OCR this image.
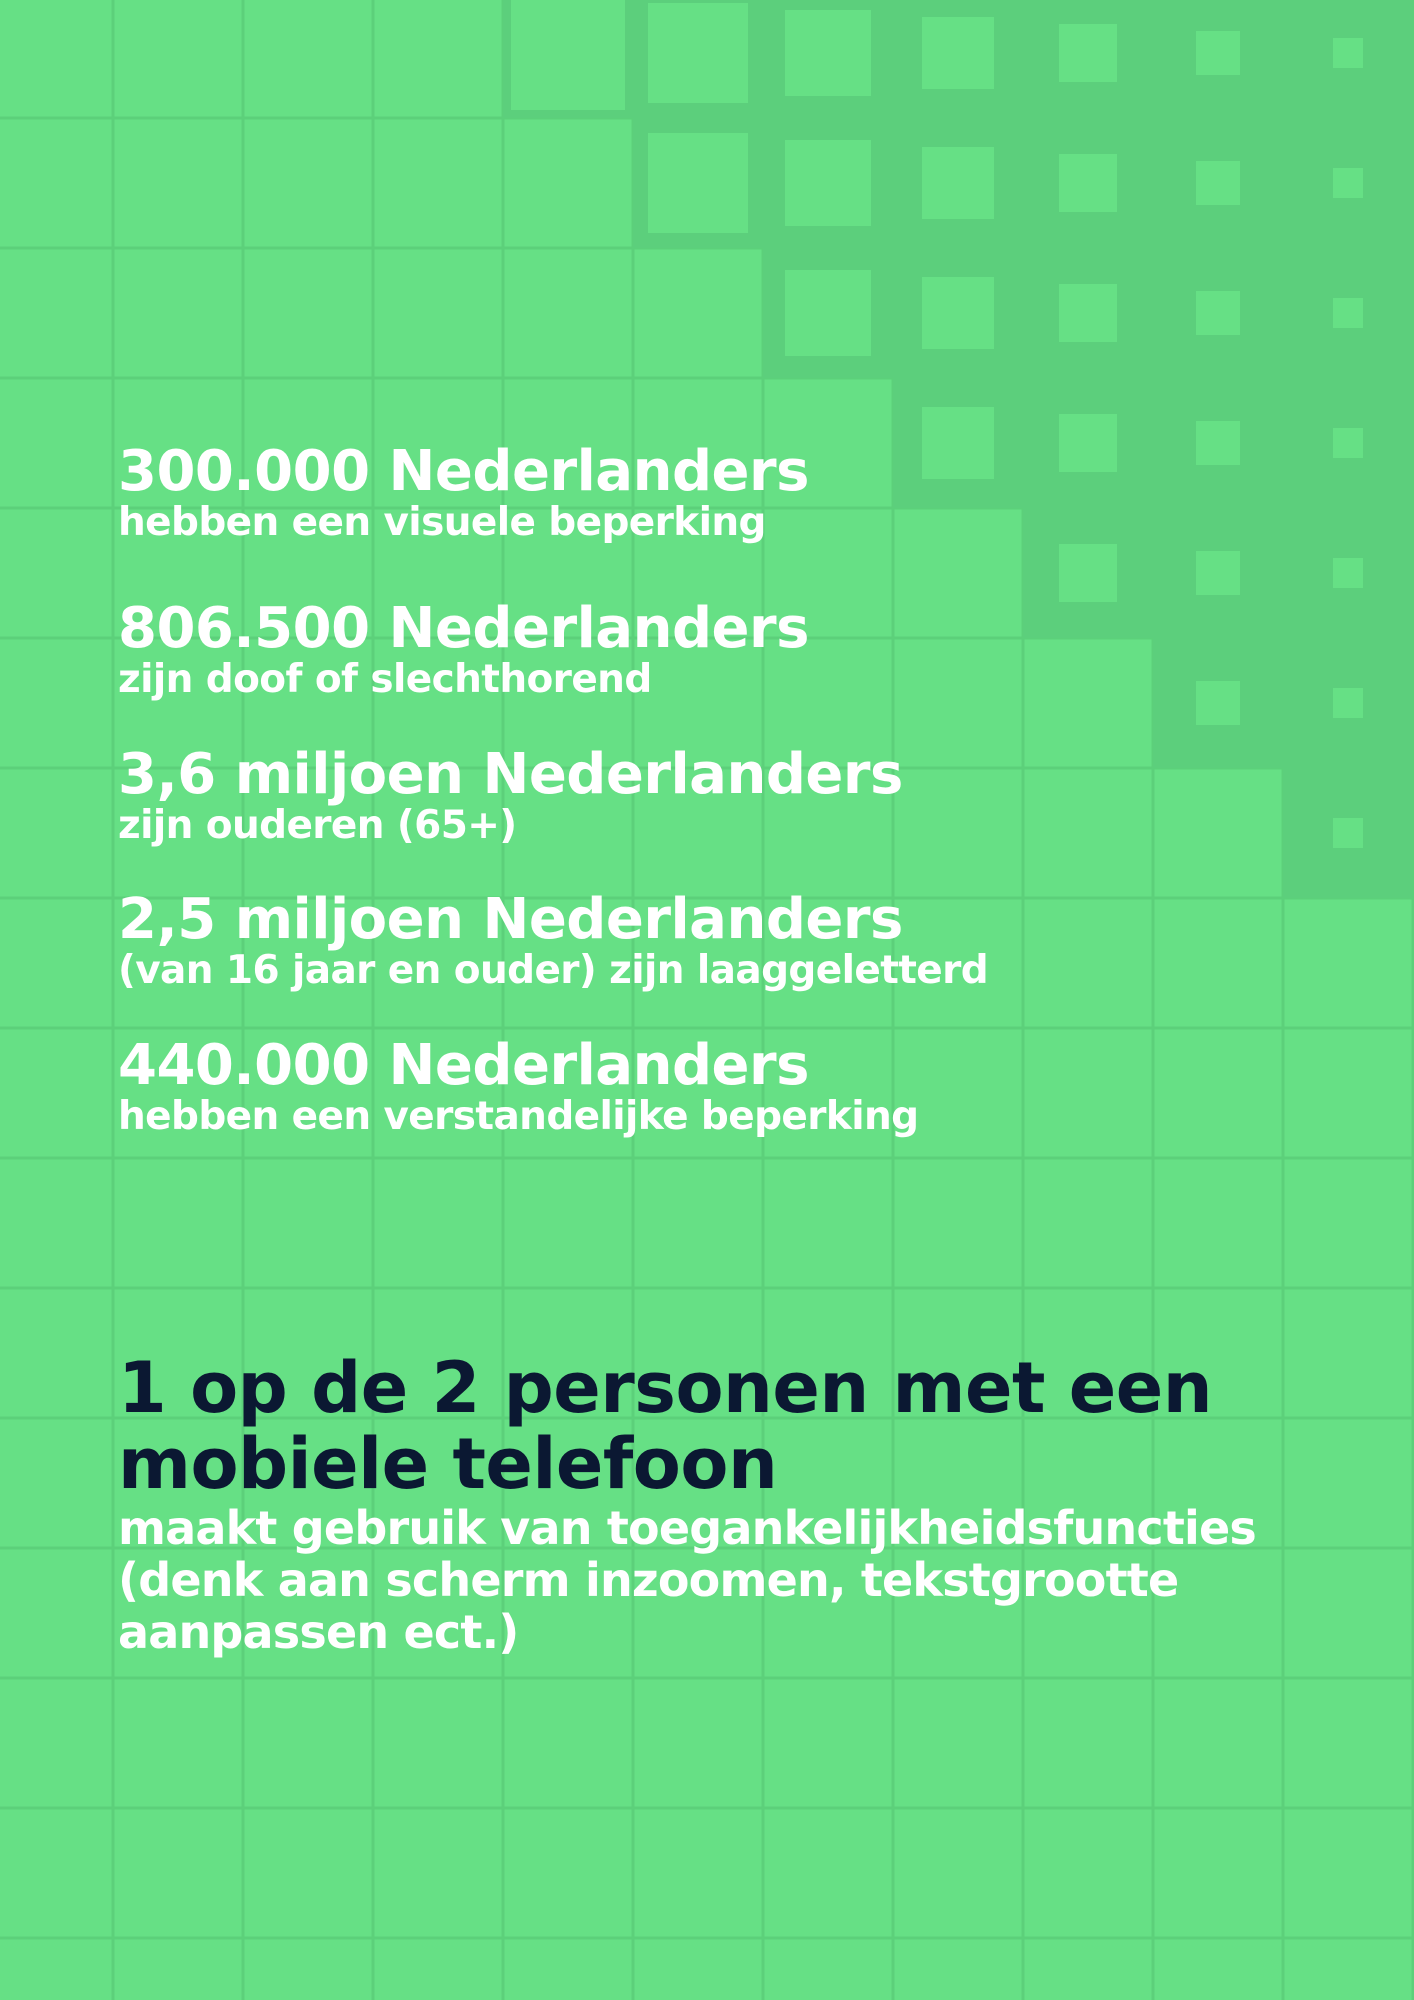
300.000 Nederlanders
hebben een visuele beperking
806.500 Nederlanders
zijn doof of slechthorend
3,6 miljoen Nederlanders
zijn ouderen (65+)
2,5 miljoen Nederlanders
(van 16 jaar en ouder) zijn laaggeletterd
440.000 Nederlanders
hebben een verstandelijke beperking
1 op de 2 personen met een
mobiele telefoon
maakt gebruik van toegankelijkheidsfuncties
(denk aan scherm inzoomen, tekstgrootte
aanpassen ect.)
